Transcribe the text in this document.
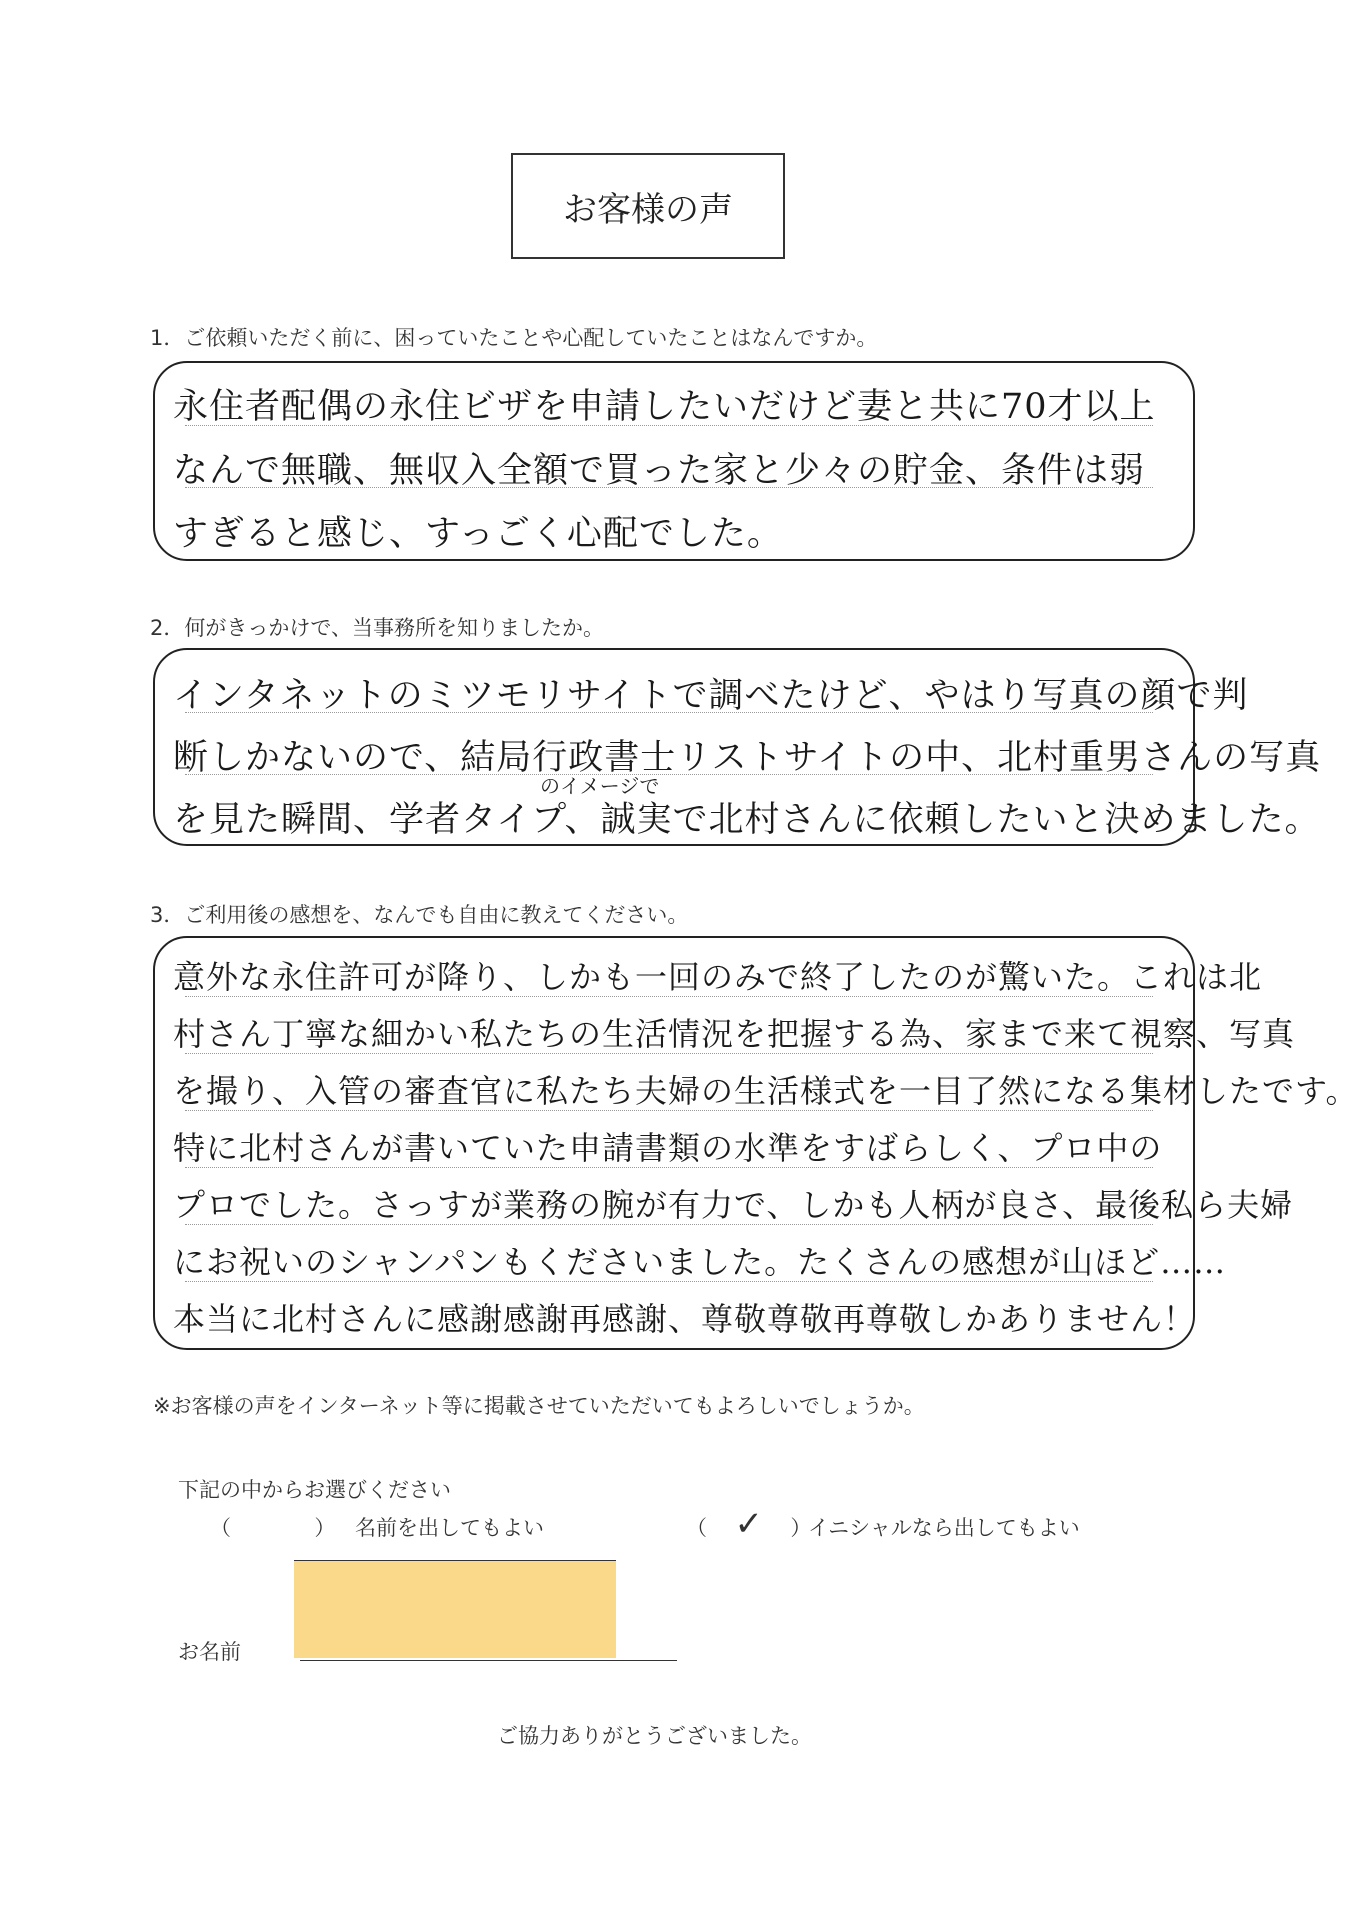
お客様の声
1．ご依頼いただく前に、困っていたことや心配していたことはなんですか。
永住者配偶の永住ビザを申請したいだけど妻と共に70才以上
なんで無職、無収入全額で買った家と少々の貯金、条件は弱
すぎると感じ、すっごく心配でした。
2．何がきっかけで、当事務所を知りましたか。
インタネットのミツモリサイトで調べたけど、やはり写真の顔で判
断しかないので、結局行政書士リストサイトの中、北村重男さんの写真
を見た瞬間、学者タイプ、誠実で北村さんに依頼したいと決めました。
のイメージで
3．ご利用後の感想を、なんでも自由に教えてください。
意外な永住許可が降り、しかも一回のみで終了したのが驚いた。これは北
村さん丁寧な細かい私たちの生活情況を把握する為、家まで来て視察、写真
を撮り、入管の審査官に私たち夫婦の生活様式を一目了然になる集材したです。
特に北村さんが書いていた申請書類の水準をすばらしく、プロ中の
プロでした。さっすが業務の腕が有力で、しかも人柄が良さ、最後私ら夫婦
にお祝いのシャンパンもくださいました。たくさんの感想が山ほど……
本当に北村さんに感謝感謝再感謝、尊敬尊敬再尊敬しかありません！
※お客様の声をインターネット等に掲載させていただいてもよろしいでしょうか。
下記の中からお選びください
（	） 名前を出してもよい	（ ✓ ）
イニシャルなら出してもよい
お名前
ご協力ありがとうございました。
